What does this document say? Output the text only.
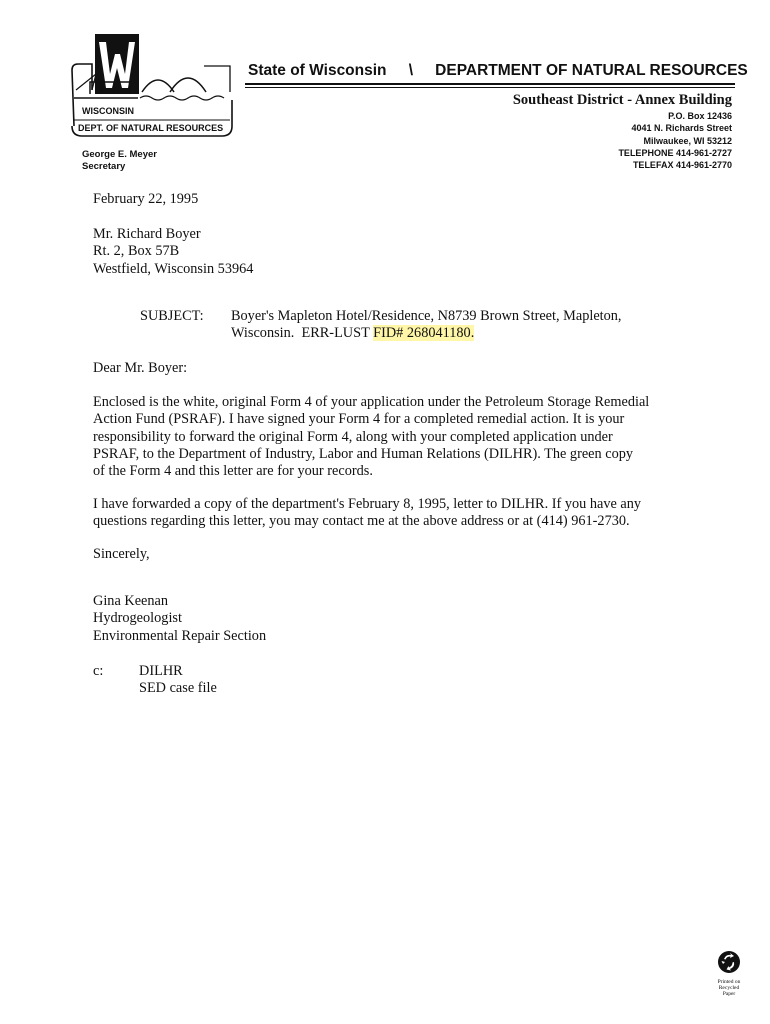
WISCONSIN
DEPT. OF NATURAL RESOURCES
State of Wisconsin \ DEPARTMENT OF NATURAL RESOURCES
Southeast District - Annex Building
P.O. Box 12436
4041 N. Richards Street
Milwaukee, WI 53212
TELEPHONE 414-961-2727
TELEFAX 414-961-2770
George E. Meyer
Secretary
February 22, 1995
Mr. Richard Boyer
Rt. 2, Box 57B
Westfield, Wisconsin 53964
SUBJECT: Boyer's Mapleton Hotel/Residence, N8739 Brown Street, Mapleton,
Wisconsin.  ERR-LUST FID# 268041180.
Dear Mr. Boyer:
Enclosed is the white, original Form 4 of your application under the Petroleum Storage Remedial
Action Fund (PSRAF). I have signed your Form 4 for a completed remedial action. It is your
responsibility to forward the original Form 4, along with your completed application under
PSRAF, to the Department of Industry, Labor and Human Relations (DILHR). The green copy
of the Form 4 and this letter are for your records.
I have forwarded a copy of the department's February 8, 1995, letter to DILHR. If you have any
questions regarding this letter, you may contact me at the above address or at (414) 961-2730.
Sincerely,
Gina Keenan
Hydrogeologist
Environmental Repair Section
c: DILHR
SED case file
Printed on
Recycled
Paper
